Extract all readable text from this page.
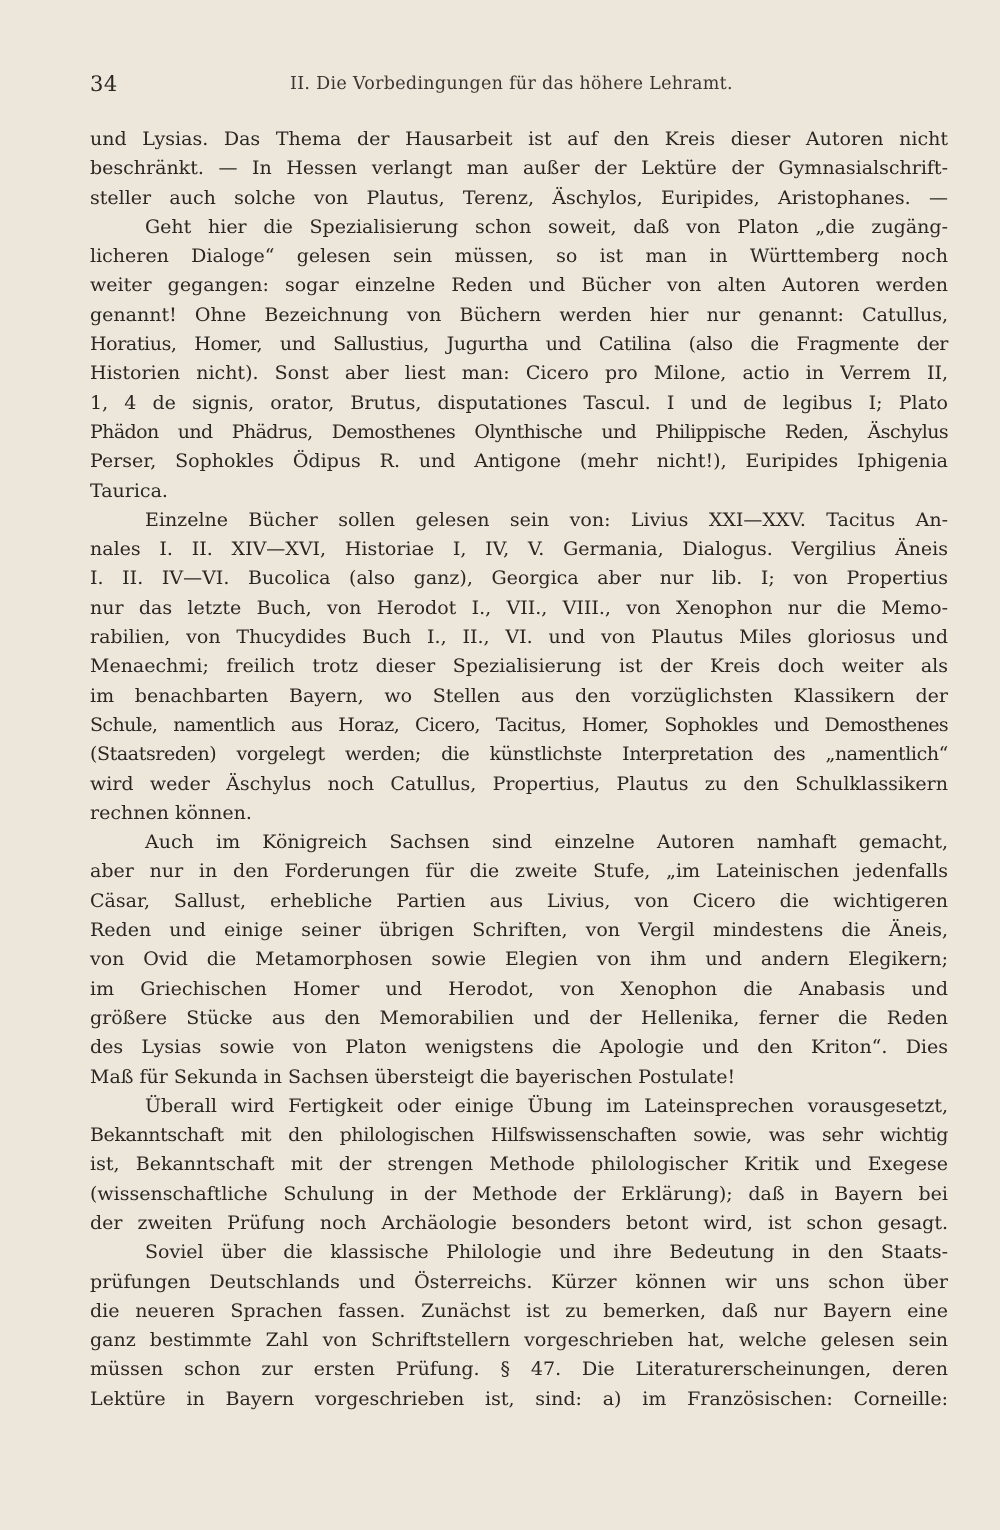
34	II. Die Vorbedingungen für das höhere Lehramt.
und Lysias. Das Thema der Hausarbeit ist auf den Kreis dieser Autoren nicht
beschränkt. — In Hessen verlangt man außer der Lektüre der Gymnasialschrift-
steller auch solche von Plautus, Terenz, Äschylos, Euripides, Aristophanes. —
Geht hier die Spezialisierung schon soweit, daß von Platon „die zugäng-
licheren Dialoge“ gelesen sein müssen, so ist man in Württemberg noch
weiter gegangen: sogar einzelne Reden und Bücher von alten Autoren werden
genannt! Ohne Bezeichnung von Büchern werden hier nur genannt: Catullus,
Horatius, Homer, und Sallustius, Jugurtha und Catilina (also die Fragmente der
Historien nicht). Sonst aber liest man: Cicero pro Milone, actio in Verrem II,
1, 4 de signis, orator, Brutus, disputationes Tascul. I und de legibus I; Plato
Phädon und Phädrus, Demosthenes Olynthische und Philippische Reden, Äschylus
Perser, Sophokles Ödipus R. und Antigone (mehr nicht!), Euripides Iphigenia
Taurica.
Einzelne Bücher sollen gelesen sein von: Livius XXI—XXV. Tacitus An-
nales I. II. XIV—XVI, Historiae I, IV, V. Germania, Dialogus. Vergilius Äneis
I. II. IV—VI. Bucolica (also ganz), Georgica aber nur lib. I; von Propertius
nur das letzte Buch, von Herodot I., VII., VIII., von Xenophon nur die Memo-
rabilien, von Thucydides Buch I., II., VI. und von Plautus Miles gloriosus und
Menaechmi; freilich trotz dieser Spezialisierung ist der Kreis doch weiter als
im benachbarten Bayern, wo Stellen aus den vorzüglichsten Klassikern der
Schule, namentlich aus Horaz, Cicero, Tacitus, Homer, Sophokles und Demosthenes
(Staatsreden) vorgelegt werden; die künstlichste Interpretation des „namentlich“
wird weder Äschylus noch Catullus, Propertius, Plautus zu den Schulklassikern
rechnen können.
Auch im Königreich Sachsen sind einzelne Autoren namhaft gemacht,
aber nur in den Forderungen für die zweite Stufe, „im Lateinischen jedenfalls
Cäsar, Sallust, erhebliche Partien aus Livius, von Cicero die wichtigeren
Reden und einige seiner übrigen Schriften, von Vergil mindestens die Äneis,
von Ovid die Metamorphosen sowie Elegien von ihm und andern Elegikern;
im Griechischen Homer und Herodot, von Xenophon die Anabasis und
größere Stücke aus den Memorabilien und der Hellenika, ferner die Reden
des Lysias sowie von Platon wenigstens die Apologie und den Kriton“. Dies
Maß für Sekunda in Sachsen übersteigt die bayerischen Postulate!
Überall wird Fertigkeit oder einige Übung im Lateinsprechen vorausgesetzt,
Bekanntschaft mit den philologischen Hilfswissenschaften sowie, was sehr wichtig
ist, Bekanntschaft mit der strengen Methode philologischer Kritik und Exegese
(wissenschaftliche Schulung in der Methode der Erklärung); daß in Bayern bei
der zweiten Prüfung noch Archäologie besonders betont wird, ist schon gesagt.
Soviel über die klassische Philologie und ihre Bedeutung in den Staats-
prüfungen Deutschlands und Österreichs. Kürzer können wir uns schon über
die neueren Sprachen fassen. Zunächst ist zu bemerken, daß nur Bayern eine
ganz bestimmte Zahl von Schriftstellern vorgeschrieben hat, welche gelesen sein
müssen schon zur ersten Prüfung. § 47. Die Literaturerscheinungen, deren
Lektüre in Bayern vorgeschrieben ist, sind: a) im Französischen: Corneille:
